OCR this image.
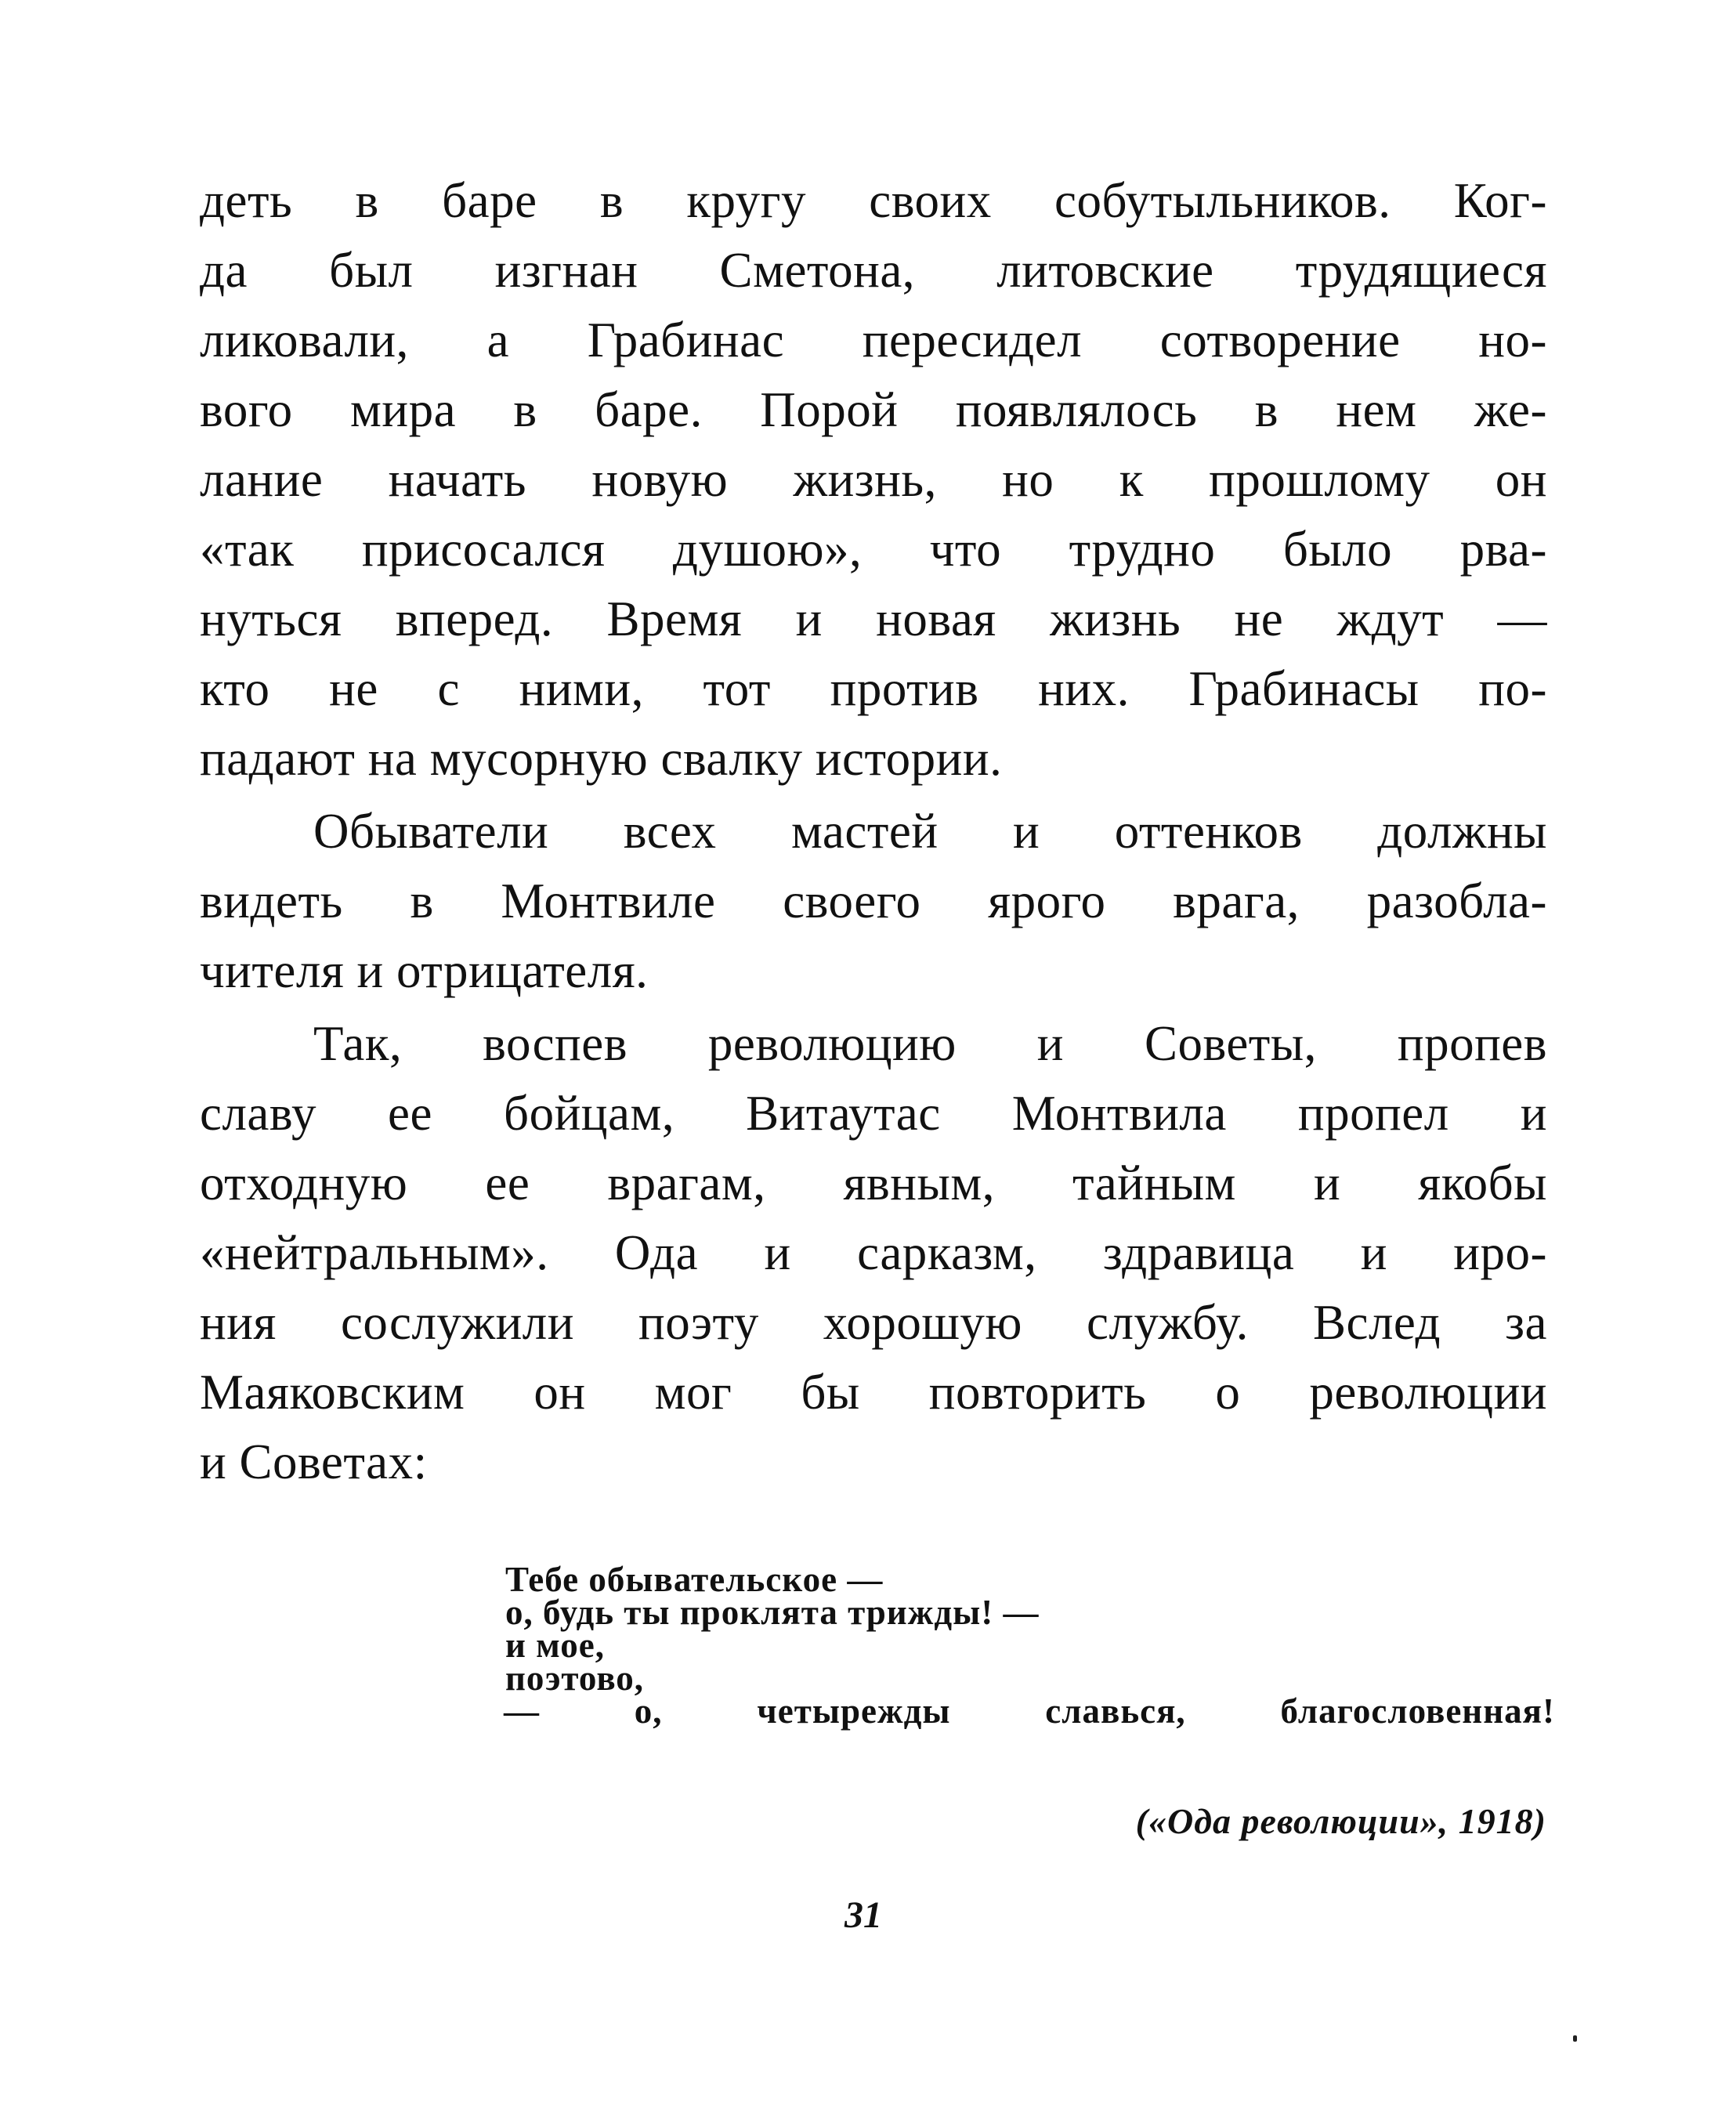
деть в баре в кругу своих собутыльников. Ког-
да был изгнан Сметона, литовские трудящиеся
ликовали, а Грабинас пересидел сотворение но-
вого мира в баре. Порой появлялось в нем же-
лание начать новую жизнь, но к прошлому он
«так присосался душою», что трудно было рва-
нуться вперед. Время и новая жизнь не ждут —
кто не с ними, тот против них. Грабинасы по-
падают на мусорную свалку истории.
Обыватели всех мастей и оттенков должны
видеть в Монтвиле своего ярого врага, разобла-
чителя и отрицателя.
Так, воспев революцию и Советы, пропев
славу ее бойцам, Витаутас Монтвила пропел и
отходную ее врагам, явным, тайным и якобы
«нейтральным». Ода и сарказм, здравица и иро-
ния сослужили поэту хорошую службу. Вслед за
Маяковским он мог бы повторить о революции
и Советах:
Тебе обывательское —
о, будь ты проклята трижды! —
и мое,
поэтово,
— о, четырежды славься, благословенная!
(«Ода революции», 1918)
31
